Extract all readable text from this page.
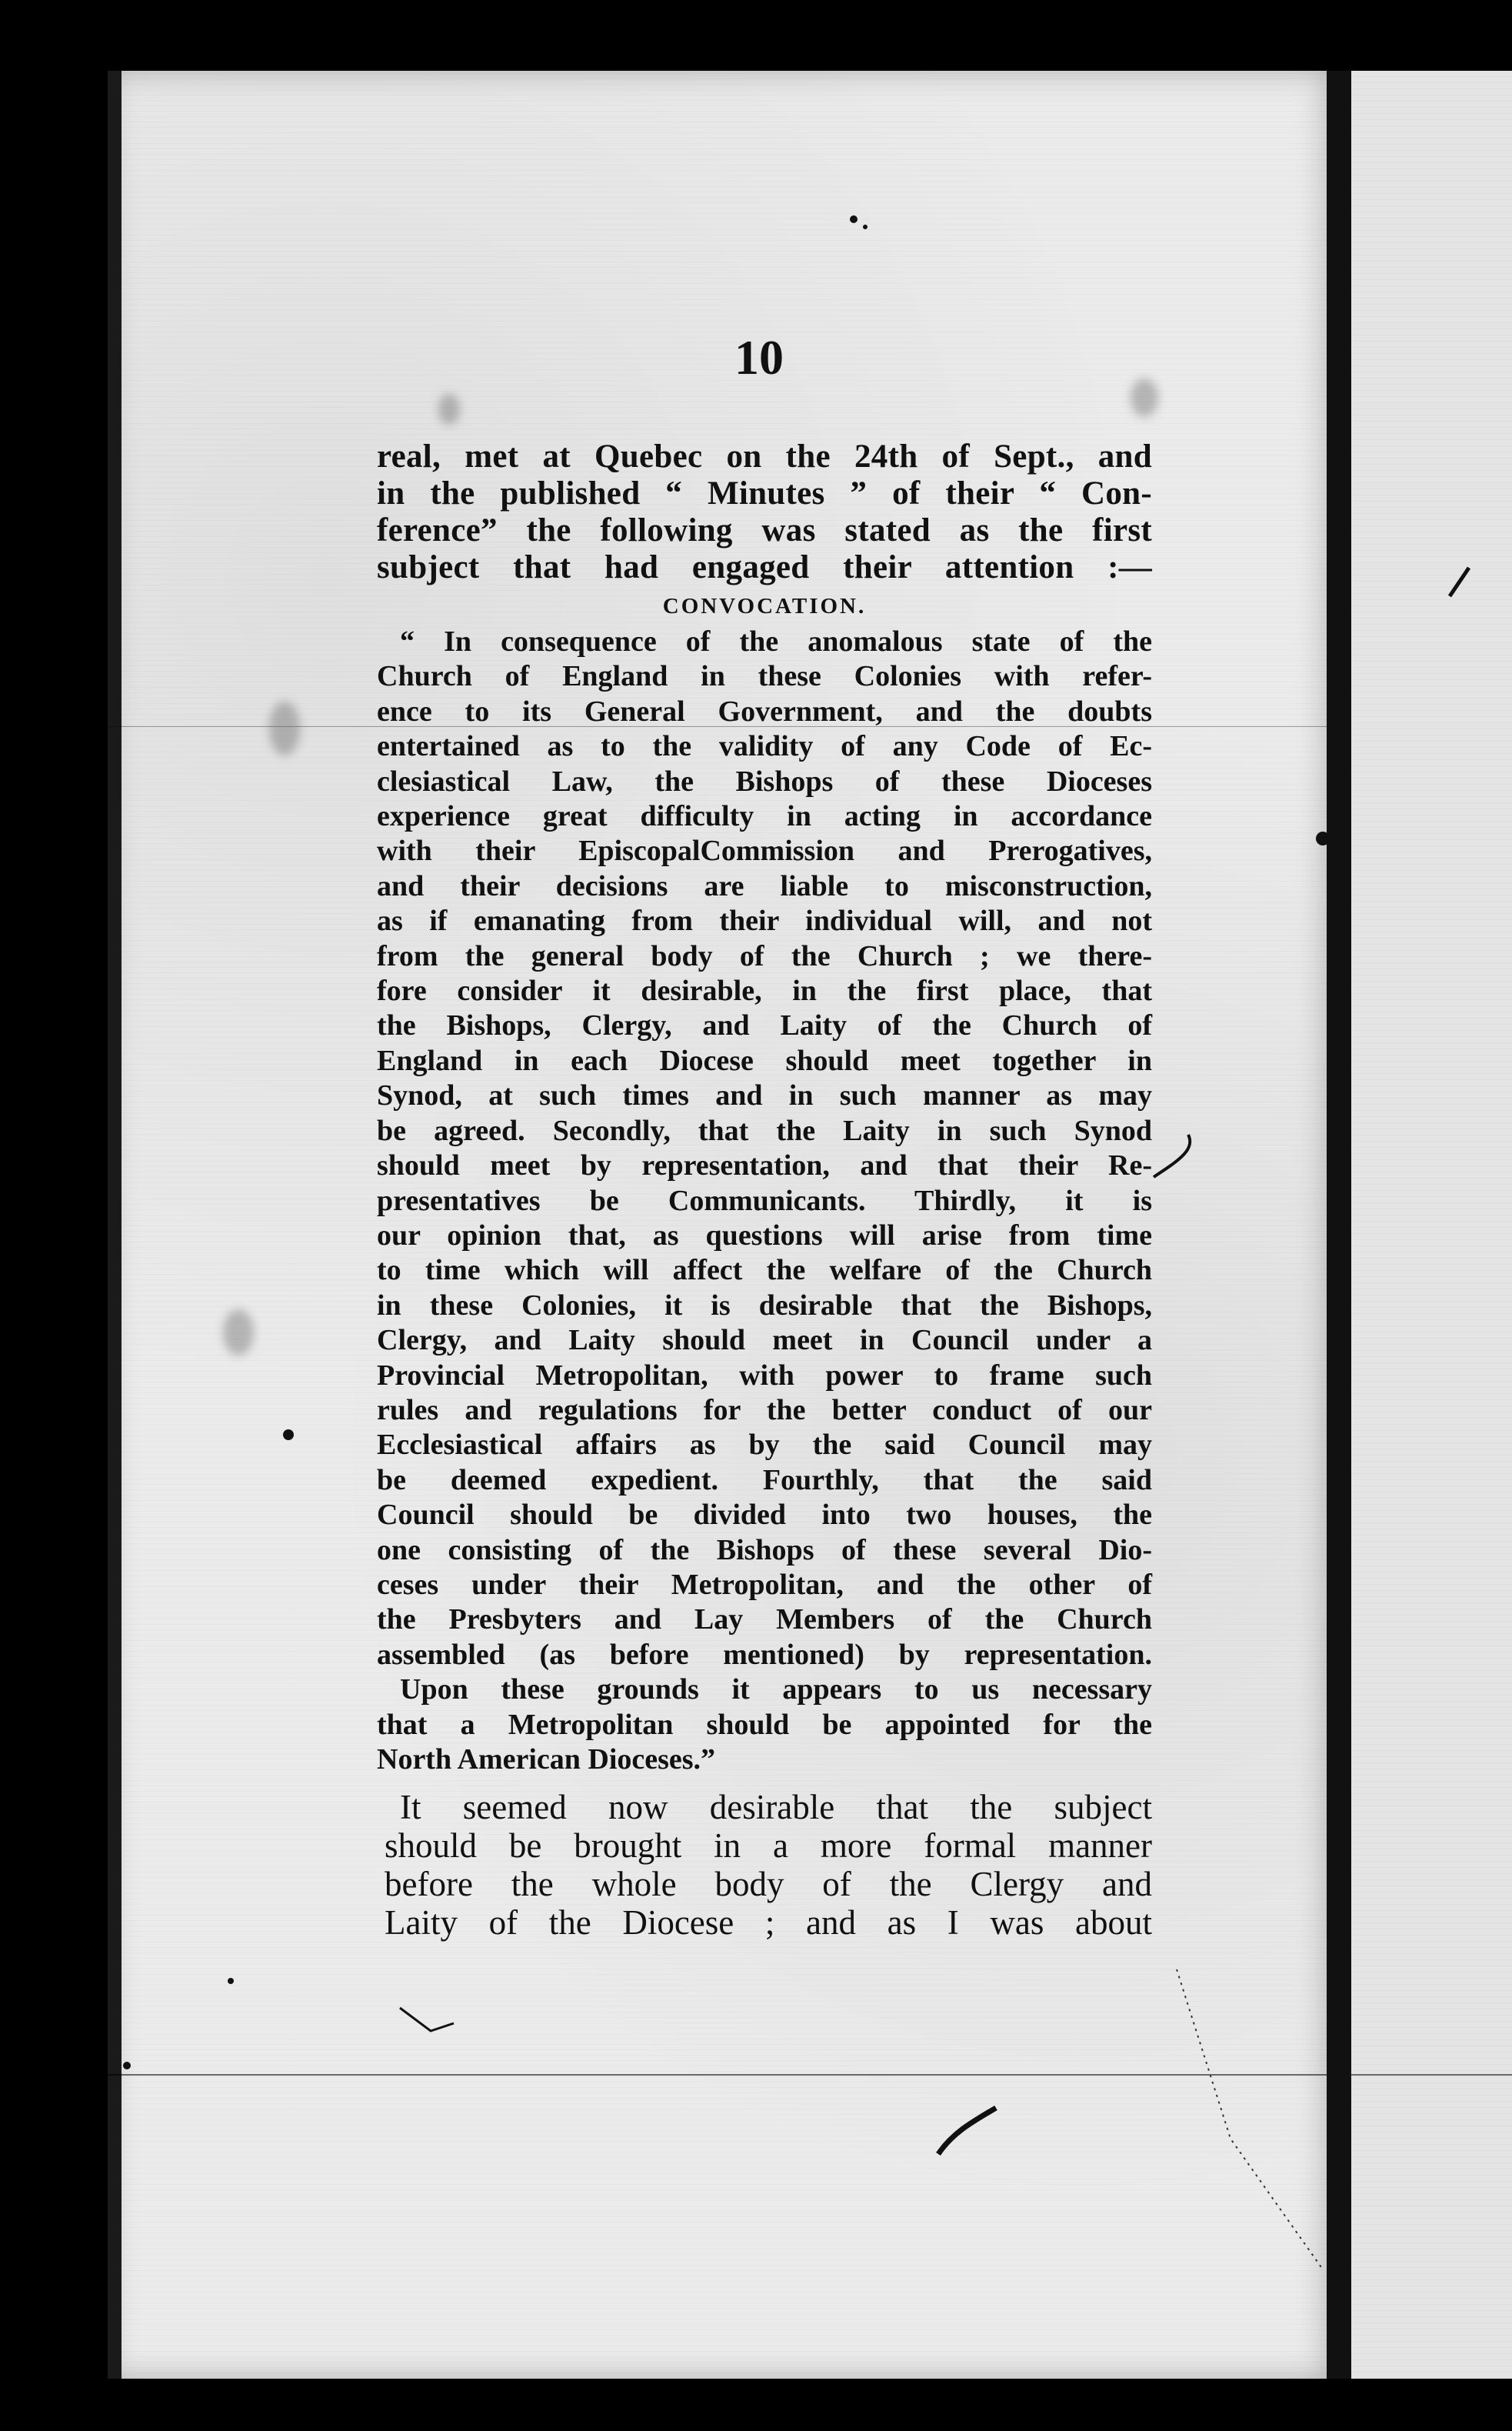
10
real, met at Quebec on the 24th of Sept., and
in the published “ Minutes ” of their “ Con-
ference” the following was stated as the first
subject that had engaged their attention :—
CONVOCATION.
“ In consequence of the anomalous state of the
Church of England in these Colonies with refer-
ence to its General Government, and the doubts
entertained as to the validity of any Code of Ec-
clesiastical Law, the Bishops of these Dioceses
experience great difficulty in acting in accordance
with their EpiscopalCommission and Prerogatives,
and their decisions are liable to misconstruction,
as if emanating from their individual will, and not
from the general body of the Church ; we there-
fore consider it desirable, in the first place, that
the Bishops, Clergy, and Laity of the Church of
England in each Diocese should meet together in
Synod, at such times and in such manner as may
be agreed. Secondly, that the Laity in such Synod
should meet by representation, and that their Re-
presentatives be Communicants. Thirdly, it is
our opinion that, as questions will arise from time
to time which will affect the welfare of the Church
in these Colonies, it is desirable that the Bishops,
Clergy, and Laity should meet in Council under a
Provincial Metropolitan, with power to frame such
rules and regulations for the better conduct of our
Ecclesiastical affairs as by the said Council may
be deemed expedient. Fourthly, that the said
Council should be divided into two houses, the
one consisting of the Bishops of these several Dio-
ceses under their Metropolitan, and the other of
the Presbyters and Lay Members of the Church
assembled (as before mentioned) by representation.
Upon these grounds it appears to us necessary
that a Metropolitan should be appointed for the
North American Dioceses.”
It seemed now desirable that the subject
should be brought in a more formal manner
before the whole body of the Clergy and
Laity of the Diocese ; and as I was about
